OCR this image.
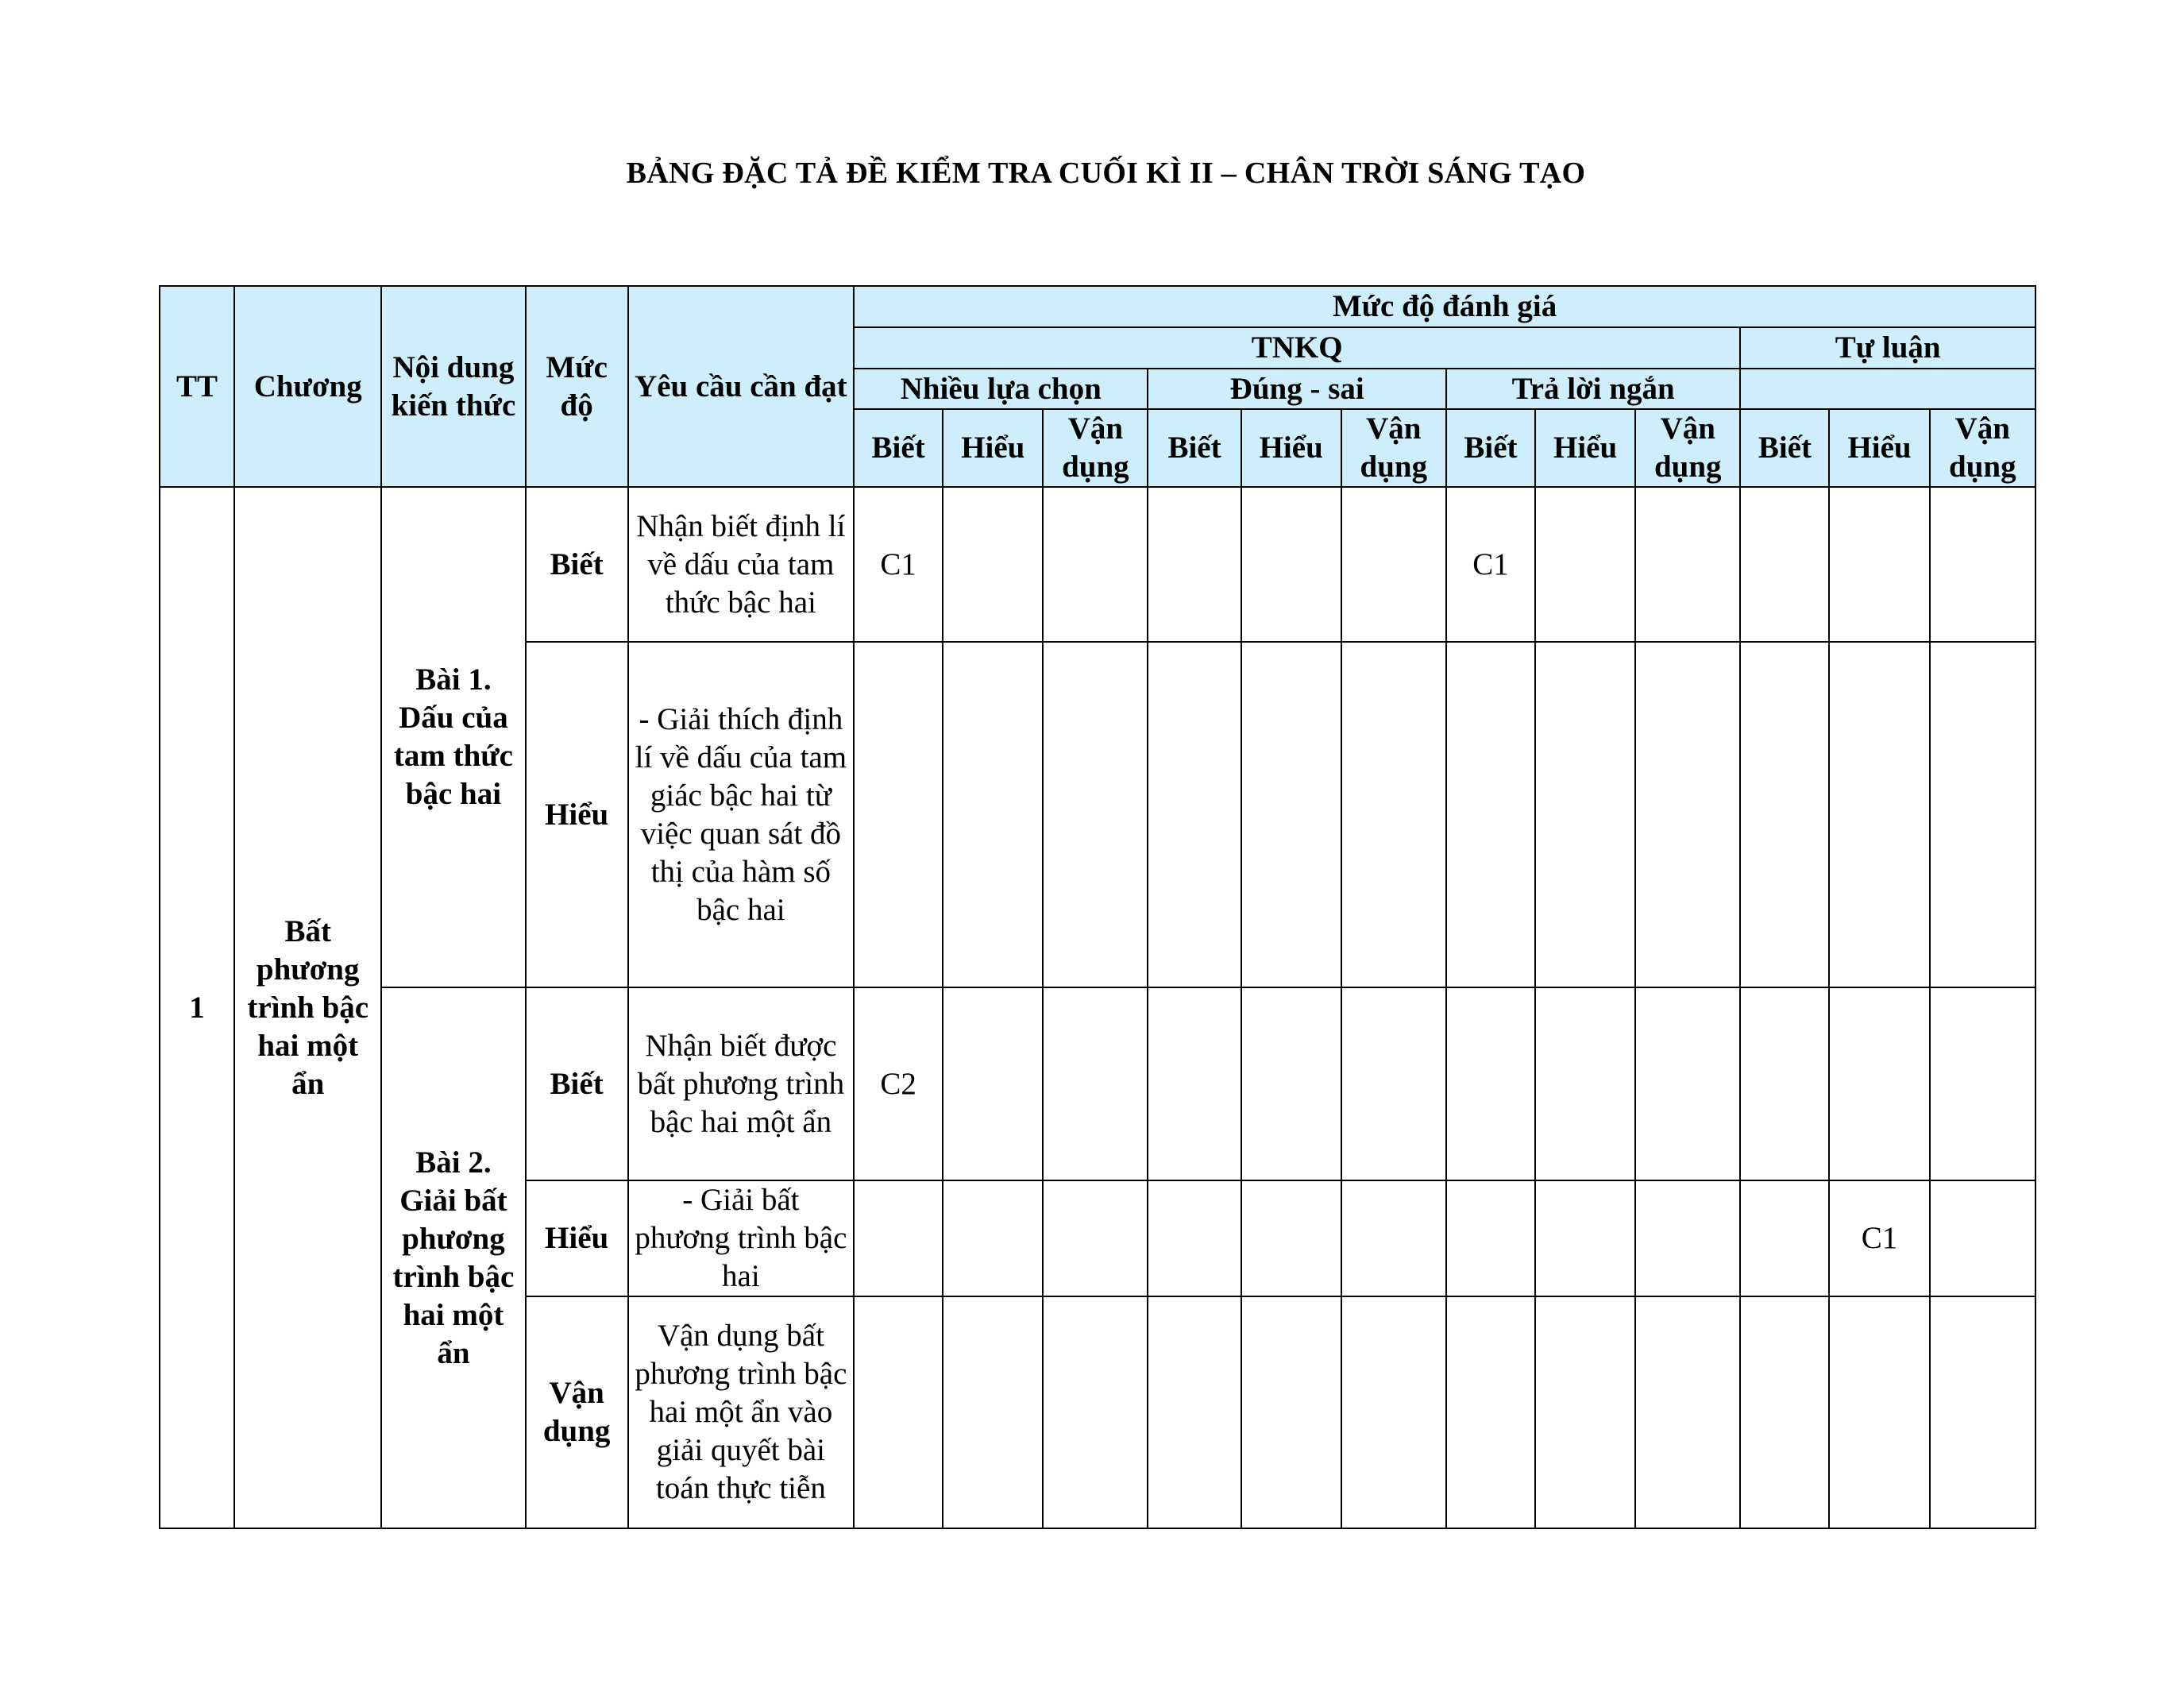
BẢNG ĐẶC TẢ ĐỀ KIỂM TRA CUỐI KÌ II – CHÂN TRỜI SÁNG TẠO
TT	Chương	Nội dung kiến thức	Mức độ	Yêu cầu cần đạt	Mức độ đánh giá											
					TNKQ									Tự luận		
					Nhiều lựa chọn			Đúng - sai			Trả lời ngắn					
					Biết	Hiểu	Vận dụng	Biết	Hiểu	Vận dụng	Biết	Hiểu	Vận dụng	Biết	Hiểu	Vận dụng
1	Bất phương trình bậc hai một ẩn	Bài 1. Dấu của tam thức bậc hai	Biết	Nhận biết định lí về dấu của tam thức bậc hai	C1						C1					
			Hiểu	- Giải thích định lí về dấu của tam giác bậc hai từ việc quan sát đồ thị của hàm số bậc hai												
		Bài 2. Giải bất phương trình bậc hai một ẩn	Biết	Nhận biết được bất phương trình bậc hai một ẩn	C2											
			Hiểu	- Giải bất phương trình bậc hai											C1	
			Vận dụng	Vận dụng bất phương trình bậc hai một ẩn vào giải quyết bài toán thực tiễn												
